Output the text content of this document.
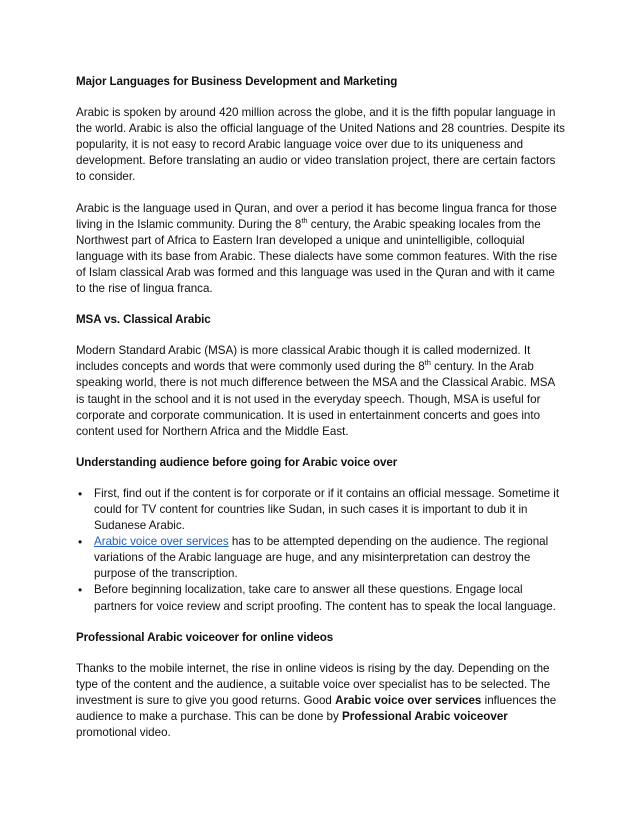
Major Languages for Business Development and Marketing

Arabic is spoken by around 420 million across the globe, and it is the fifth popular language in the world. Arabic is also the official language of the United Nations and 28 countries. Despite its popularity, it is not easy to record Arabic language voice over due to its uniqueness and development. Before translating an audio or video translation project, there are certain factors to consider.

Arabic is the language used in Quran, and over a period it has become lingua franca for those living in the Islamic community. During the 8th century, the Arabic speaking locales from the Northwest part of Africa to Eastern Iran developed a unique and unintelligible, colloquial language with its base from Arabic. These dialects have some common features. With the rise of Islam classical Arab was formed and this language was used in the Quran and with it came to the rise of lingua franca.

MSA vs. Classical Arabic

Modern Standard Arabic (MSA) is more classical Arabic though it is called modernized. It includes concepts and words that were commonly used during the 8th century. In the Arab speaking world, there is not much difference between the MSA and the Classical Arabic. MSA is taught in the school and it is not used in the everyday speech. Though, MSA is useful for corporate and corporate communication. It is used in entertainment concerts and goes into content used for Northern Africa and the Middle East.

Understanding audience before going for Arabic voice over
• First, find out if the content is for corporate or if it contains an official message. Sometime it could for TV content for countries like Sudan, in such cases it is important to dub it in Sudanese Arabic.
• Arabic voice over services has to be attempted depending on the audience. The regional variations of the Arabic language are huge, and any misinterpretation can destroy the purpose of the transcription.
• Before beginning localization, take care to answer all these questions. Engage local partners for voice review and script proofing. The content has to speak the local language.
Professional Arabic voiceover for online videos

Thanks to the mobile internet, the rise in online videos is rising by the day. Depending on the type of the content and the audience, a suitable voice over specialist has to be selected. The investment is sure to give you good returns. Good Arabic voice over services influences the audience to make a purchase. This can be done by Professional Arabic voiceover promotional video.
